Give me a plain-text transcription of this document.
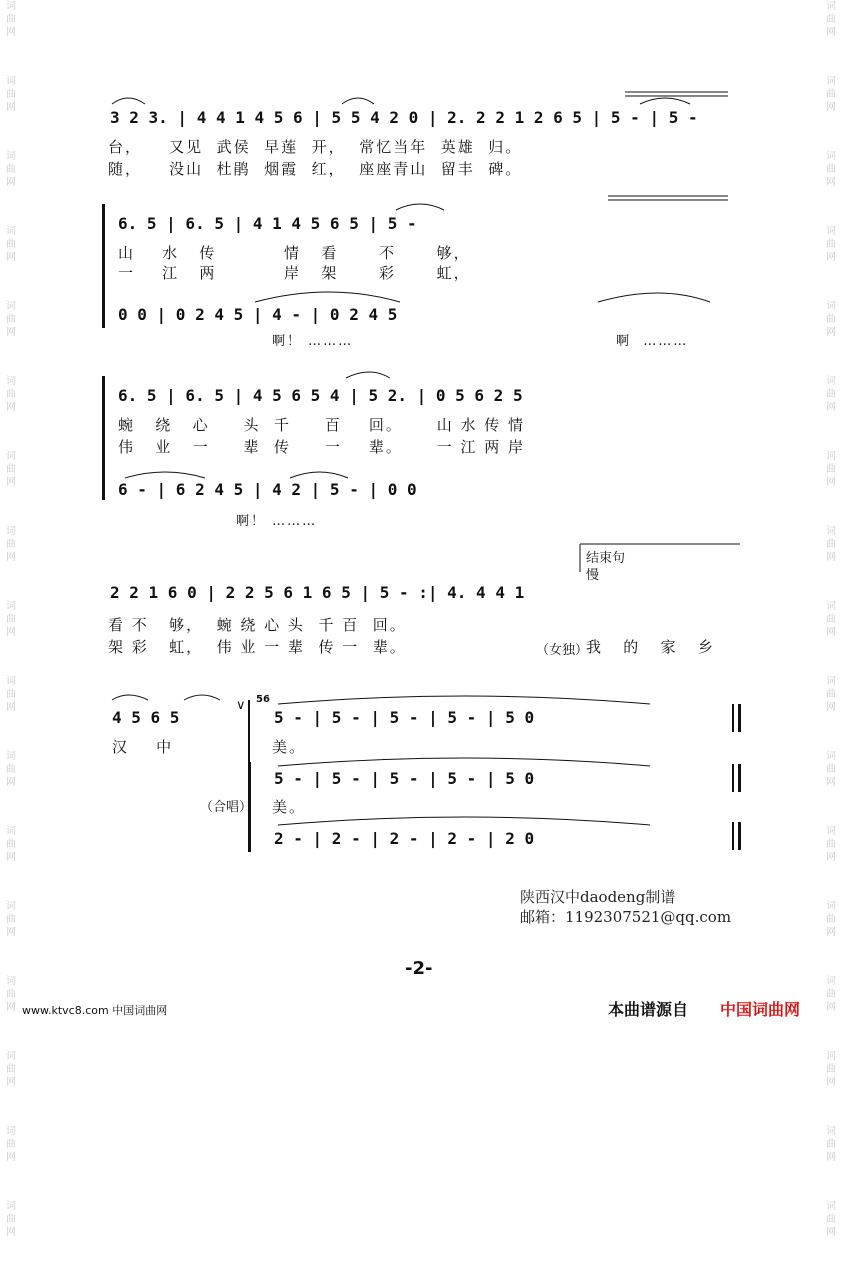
词
曲
网
词
曲
网
词
曲
网
词
曲
网
词
曲
网
词
曲
网
词
曲
网
词
曲
网
词
曲
网
词
曲
网
词
曲
网
词
曲
网
词
曲
网
词
曲
网
词
曲
网
词
曲
网
词
曲
网
词
曲
网
词
曲
网
词
曲
网
词
曲
网
词
曲
网
词
曲
网
词
曲
网
词
曲
网
词
曲
网
词
曲
网
词
曲
网
词
曲
网
词
曲
网
词
曲
网
词
曲
网
词
曲
网
词
曲
网
3 2 3. | 4 4 1 4 5 6 | 5 5 4 2 0 | 2. 2 2 1 2 6 5 | 5 - | 5 -
台，    又见  武侯  早莲  开，  常忆当年  英雄  归。
随，    没山  杜鹃  烟霞  红，  座座青山  留丰  碑。
6. 5 | 6. 5 | 4 1 4 5 6 5 | 5 -
山    水   传          情   看      不      够，
一    江   两          岸   架      彩      虹，
0 0 | 0 2 4 5 | 4 - | 0 2 4 5
啊！ ………	啊  ………
6. 5 | 6. 5 | 4 5 6 5 4 | 5 2. | 0 5 6 2 5
蜿   绕   心     头  千     百    回。     山 水 传 情
伟   业   一     辈  传     一    辈。     一 江 两 岸
6 - | 6 2 4 5 | 4 2 | 5 - | 0 0
啊！ ………
结束句
慢
2 2 1 6 0 | 2 2 5 6 1 6 5 | 5 - :| 4. 4 4 1
看 不   够，  蜿 绕 心 头  千 百  回。
架 彩   虹，  伟 业 一 辈  传 一  辈。	（女独）
我   的   家   乡
4 5 6 5
汉    中
∨ 56
（合唱）
5 - | 5 - | 5 - | 5 - | 5 0
美。
5 - | 5 - | 5 - | 5 - | 5 0
美。
2 - | 2 - | 2 - | 2 - | 2 0
陕西汉中daodeng制谱
邮箱：1192307521@qq.com
-2-
www.ktvc8.com 中国词曲网	本曲谱源自 中国词曲网
